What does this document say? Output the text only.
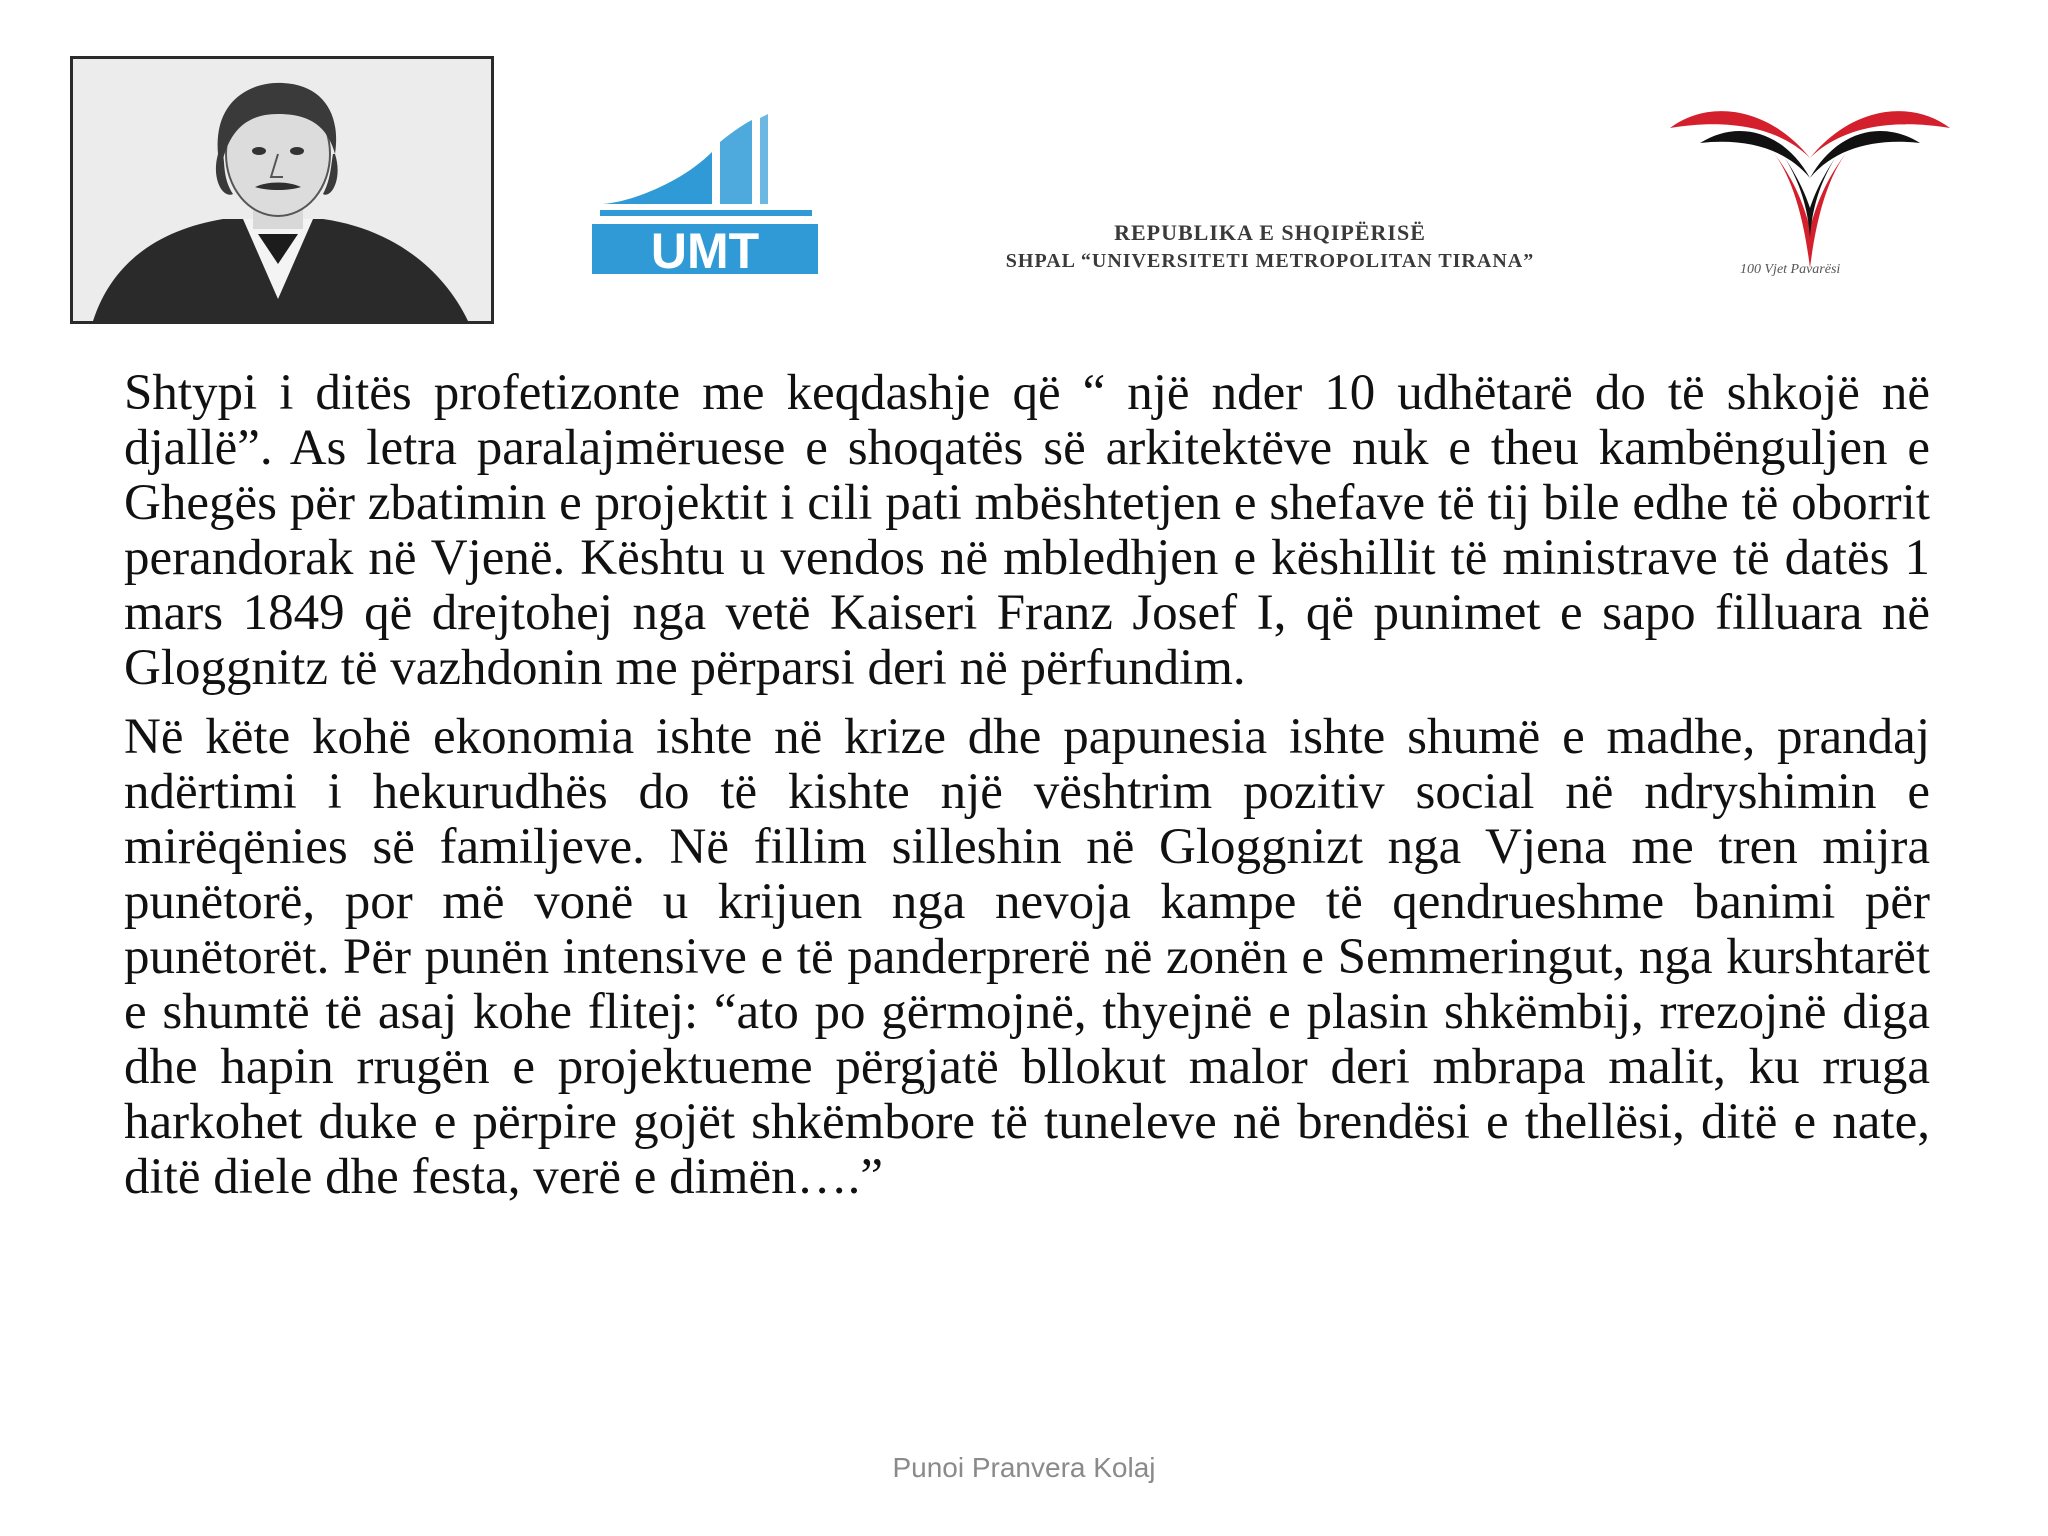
UMT	REPUBLIKA E SHQIPËRISË
SHPAL “UNIVERSITETI METROPOLITAN TIRANA”	100 Vjet Pavarësi

Shtypi i ditës profetizonte me keqdashje që “ një nder 10 udhëtarë do të shkojë në djallë”. As letra paralajmëruese e shoqatës së arkitektëve nuk e theu kambënguljen e Ghegës për zbatimin e projektit i cili pati mbështetjen e shefave të tij bile edhe të oborrit perandorak në Vjenë. Kështu u vendos në mbledhjen e këshillit të ministrave të datës 1 mars 1849 që drejtohej nga vetë Kaiseri Franz Josef I, që punimet e sapo filluara në Gloggnitz të vazhdonin me përparsi deri në përfundim.

Në këte kohë ekonomia ishte në krize dhe papunesia ishte shumë e madhe, prandaj ndërtimi i hekurudhës do të kishte një vështrim pozitiv social në ndryshimin e mirëqënies së familjeve. Në fillim silleshin në Gloggnizt nga Vjena me tren mijra punëtorë, por më vonë u krijuen nga nevoja kampe të qendrueshme banimi për punëtorët. Për punën intensive e të panderprerë në zonën e Semmeringut, nga kurshtarët e shumtë të asaj kohe flitej: “ato po gërmojnë, thyejnë e plasin shkëmbij, rrezojnë diga dhe hapin rrugën e projektueme përgjatë bllokut malor deri mbrapa malit, ku rruga harkohet duke e përpire gojët shkëmbore të tuneleve në brendësi e thellësi, ditë e nate, ditë diele dhe festa, verë e dimën….”

Punoi Pranvera Kolaj
